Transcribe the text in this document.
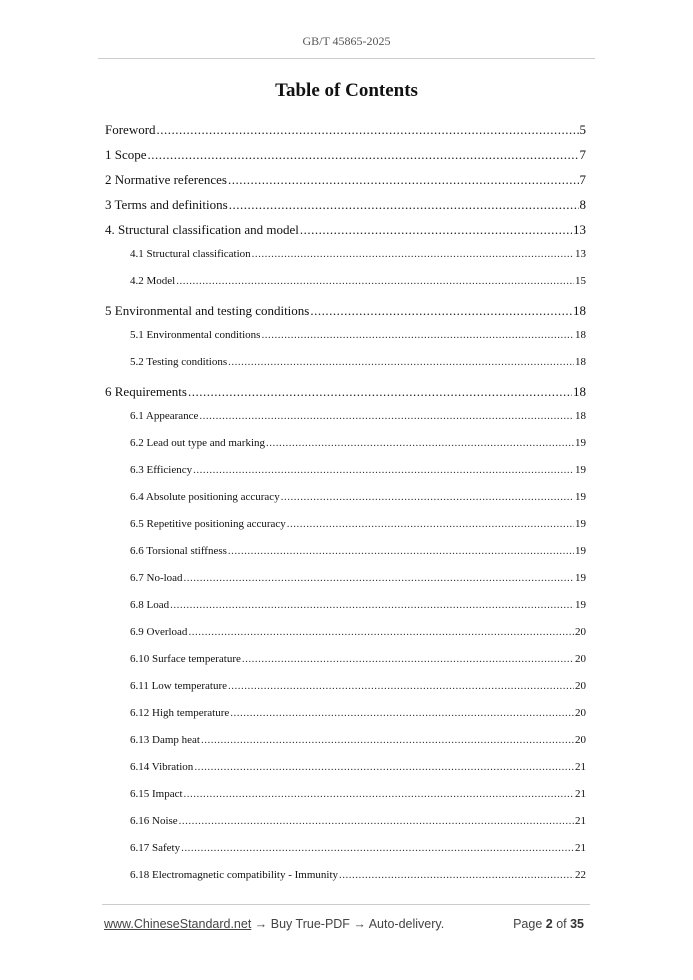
GB/T 45865-2025
Table of Contents
Foreword .....	5
1 Scope .....	7
2 Normative references .....	7
3 Terms and definitions .....	8
4. Structural classification and model .....	13
4.1 Structural classification .....	13
4.2 Model .....	15
5 Environmental and testing conditions .....	18
5.1 Environmental conditions .....	18
5.2 Testing conditions .....	18
6 Requirements .....	18
6.1 Appearance .....	18
6.2 Lead out type and marking .....	19
6.3 Efficiency .....	19
6.4 Absolute positioning accuracy .....	19
6.5 Repetitive positioning accuracy .....	19
6.6 Torsional stiffness .....	19
6.7 No-load .....	19
6.8 Load .....	19
6.9 Overload .....	20
6.10 Surface temperature .....	20
6.11 Low temperature .....	20
6.12 High temperature .....	20
6.13 Damp heat .....	20
6.14 Vibration .....	21
6.15 Impact .....	21
6.16 Noise .....	21
6.17 Safety .....	21
6.18 Electromagnetic compatibility - Immunity .....	22
www.ChineseStandard.net → Buy True-PDF → Auto-delivery.	Page 2 of 35
